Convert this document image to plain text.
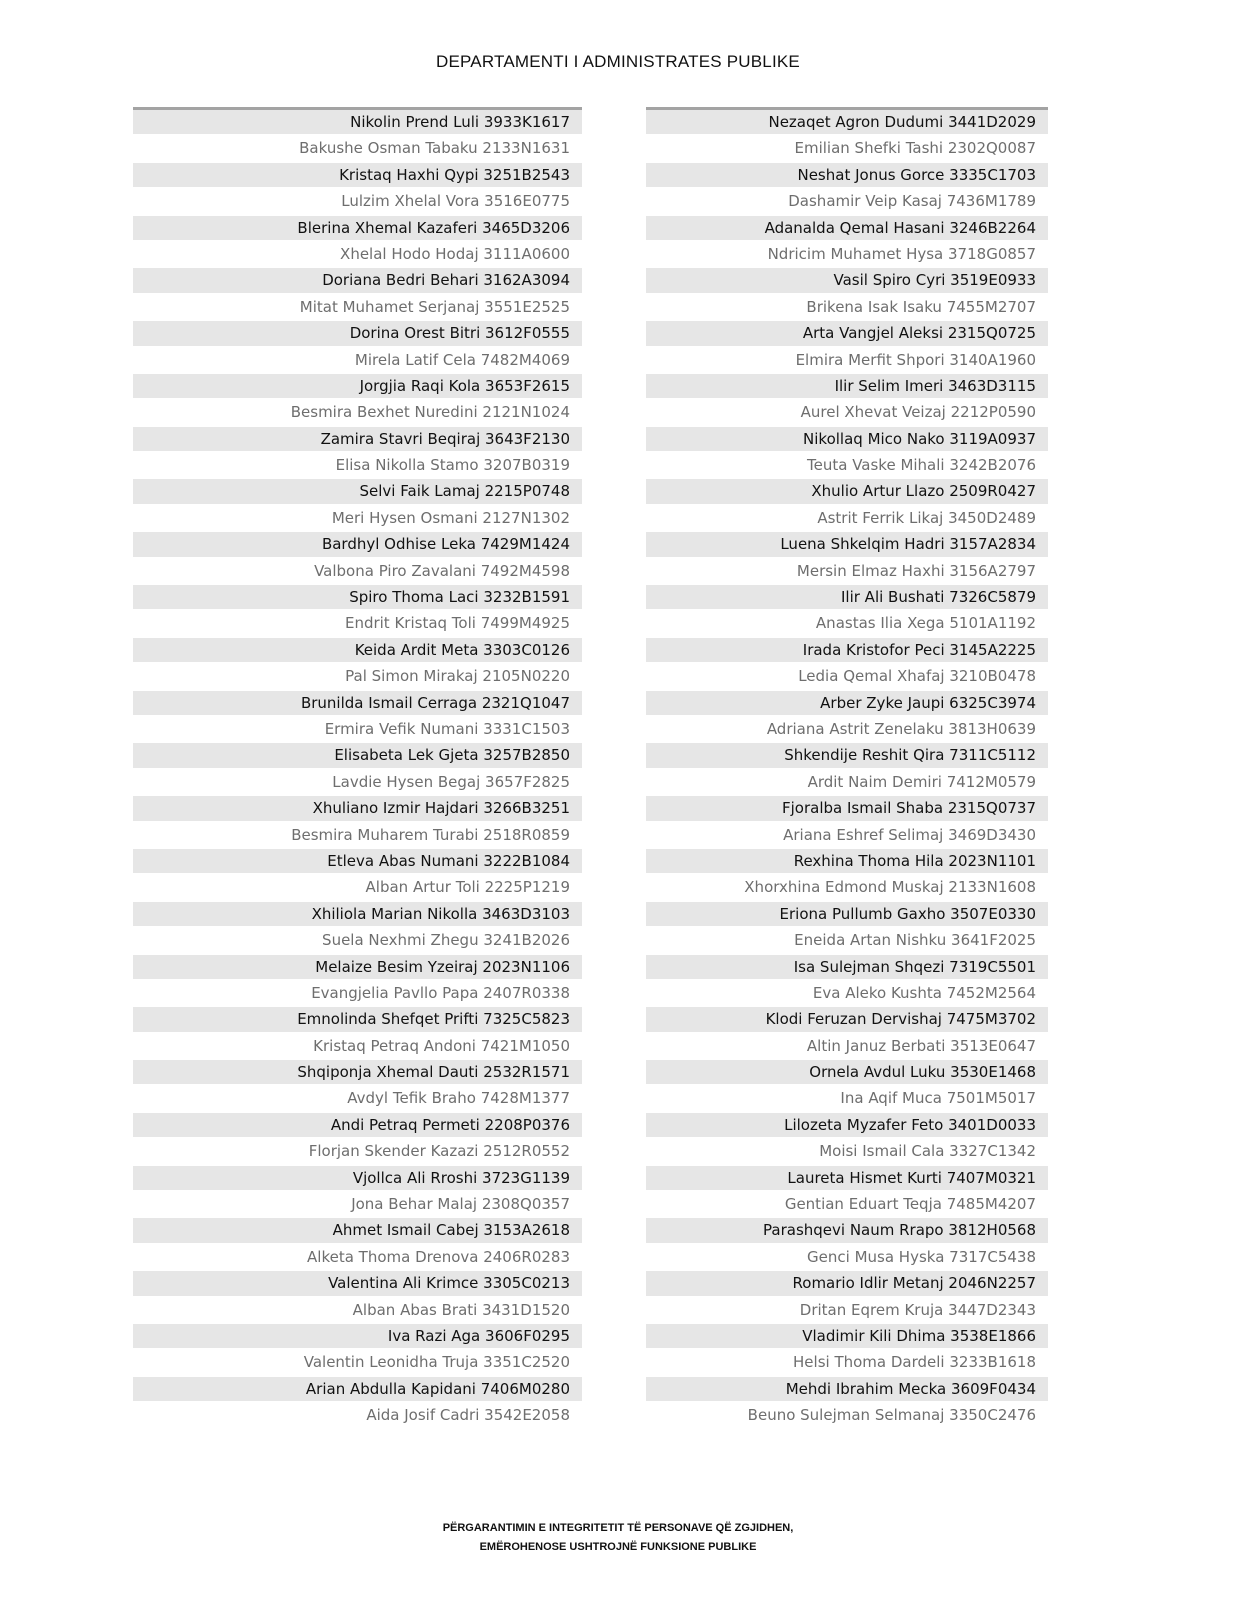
DEPARTAMENTI I ADMINISTRATES PUBLIKE
Nikolin Prend Luli 3933K1617
Bakushe Osman Tabaku 2133N1631
Kristaq Haxhi Qypi 3251B2543
Lulzim Xhelal Vora 3516E0775
Blerina Xhemal Kazaferi 3465D3206
Xhelal Hodo Hodaj 3111A0600
Doriana Bedri Behari 3162A3094
Mitat Muhamet Serjanaj 3551E2525
Dorina Orest Bitri 3612F0555
Mirela Latif Cela 7482M4069
Jorgjia Raqi Kola 3653F2615
Besmira Bexhet Nuredini 2121N1024
Zamira Stavri Beqiraj 3643F2130
Elisa Nikolla Stamo 3207B0319
Selvi Faik Lamaj 2215P0748
Meri Hysen Osmani 2127N1302
Bardhyl Odhise Leka 7429M1424
Valbona Piro Zavalani 7492M4598
Spiro Thoma Laci 3232B1591
Endrit Kristaq Toli 7499M4925
Keida Ardit Meta 3303C0126
Pal Simon Mirakaj 2105N0220
Brunilda Ismail Cerraga 2321Q1047
Ermira Vefik Numani 3331C1503
Elisabeta Lek Gjeta 3257B2850
Lavdie Hysen Begaj 3657F2825
Xhuliano Izmir Hajdari 3266B3251
Besmira Muharem Turabi 2518R0859
Etleva Abas Numani 3222B1084
Alban Artur Toli 2225P1219
Xhiliola Marian Nikolla 3463D3103
Suela Nexhmi Zhegu 3241B2026
Melaize Besim Yzeiraj 2023N1106
Evangjelia Pavllo Papa 2407R0338
Emnolinda Shefqet Prifti 7325C5823
Kristaq Petraq Andoni 7421M1050
Shqiponja Xhemal Dauti 2532R1571
Avdyl Tefik Braho 7428M1377
Andi Petraq Permeti 2208P0376
Florjan Skender Kazazi 2512R0552
Vjollca Ali Rroshi 3723G1139
Jona Behar Malaj 2308Q0357
Ahmet Ismail Cabej 3153A2618
Alketa Thoma Drenova 2406R0283
Valentina Ali Krimce 3305C0213
Alban Abas Brati 3431D1520
Iva Razi Aga 3606F0295
Valentin Leonidha Truja 3351C2520
Arian Abdulla Kapidani 7406M0280
Aida Josif Cadri 3542E2058
Nezaqet Agron Dudumi 3441D2029
Emilian Shefki Tashi 2302Q0087
Neshat Jonus Gorce 3335C1703
Dashamir Veip Kasaj 7436M1789
Adanalda Qemal Hasani 3246B2264
Ndricim Muhamet Hysa 3718G0857
Vasil Spiro Cyri 3519E0933
Brikena Isak Isaku 7455M2707
Arta Vangjel Aleksi 2315Q0725
Elmira Merfit Shpori 3140A1960
Ilir Selim Imeri 3463D3115
Aurel Xhevat Veizaj 2212P0590
Nikollaq Mico Nako 3119A0937
Teuta Vaske Mihali 3242B2076
Xhulio Artur Llazo 2509R0427
Astrit Ferrik Likaj 3450D2489
Luena Shkelqim Hadri 3157A2834
Mersin Elmaz Haxhi 3156A2797
Ilir Ali Bushati 7326C5879
Anastas Ilia Xega 5101A1192
Irada Kristofor Peci 3145A2225
Ledia Qemal Xhafaj 3210B0478
Arber Zyke Jaupi 6325C3974
Adriana Astrit Zenelaku 3813H0639
Shkendije Reshit Qira 7311C5112
Ardit Naim Demiri 7412M0579
Fjoralba Ismail Shaba 2315Q0737
Ariana Eshref Selimaj 3469D3430
Rexhina Thoma Hila 2023N1101
Xhorxhina Edmond Muskaj 2133N1608
Eriona Pullumb Gaxho 3507E0330
Eneida Artan Nishku 3641F2025
Isa Sulejman Shqezi 7319C5501
Eva Aleko Kushta 7452M2564
Klodi Feruzan Dervishaj 7475M3702
Altin Januz Berbati 3513E0647
Ornela Avdul Luku 3530E1468
Ina Aqif Muca 7501M5017
Lilozeta Myzafer Feto 3401D0033
Moisi Ismail Cala 3327C1342
Laureta Hismet Kurti 7407M0321
Gentian Eduart Teqja 7485M4207
Parashqevi Naum Rrapo 3812H0568
Genci Musa Hyska 7317C5438
Romario Idlir Metanj 2046N2257
Dritan Eqrem Kruja 3447D2343
Vladimir Kili Dhima 3538E1866
Helsi Thoma Dardeli 3233B1618
Mehdi Ibrahim Mecka 3609F0434
Beuno Sulejman Selmanaj 3350C2476
PËRGARANTIMIN E INTEGRITETIT TË PERSONAVE QË ZGJIDHEN,
EMËROHENOSE USHTROJNË FUNKSIONE PUBLIKE
